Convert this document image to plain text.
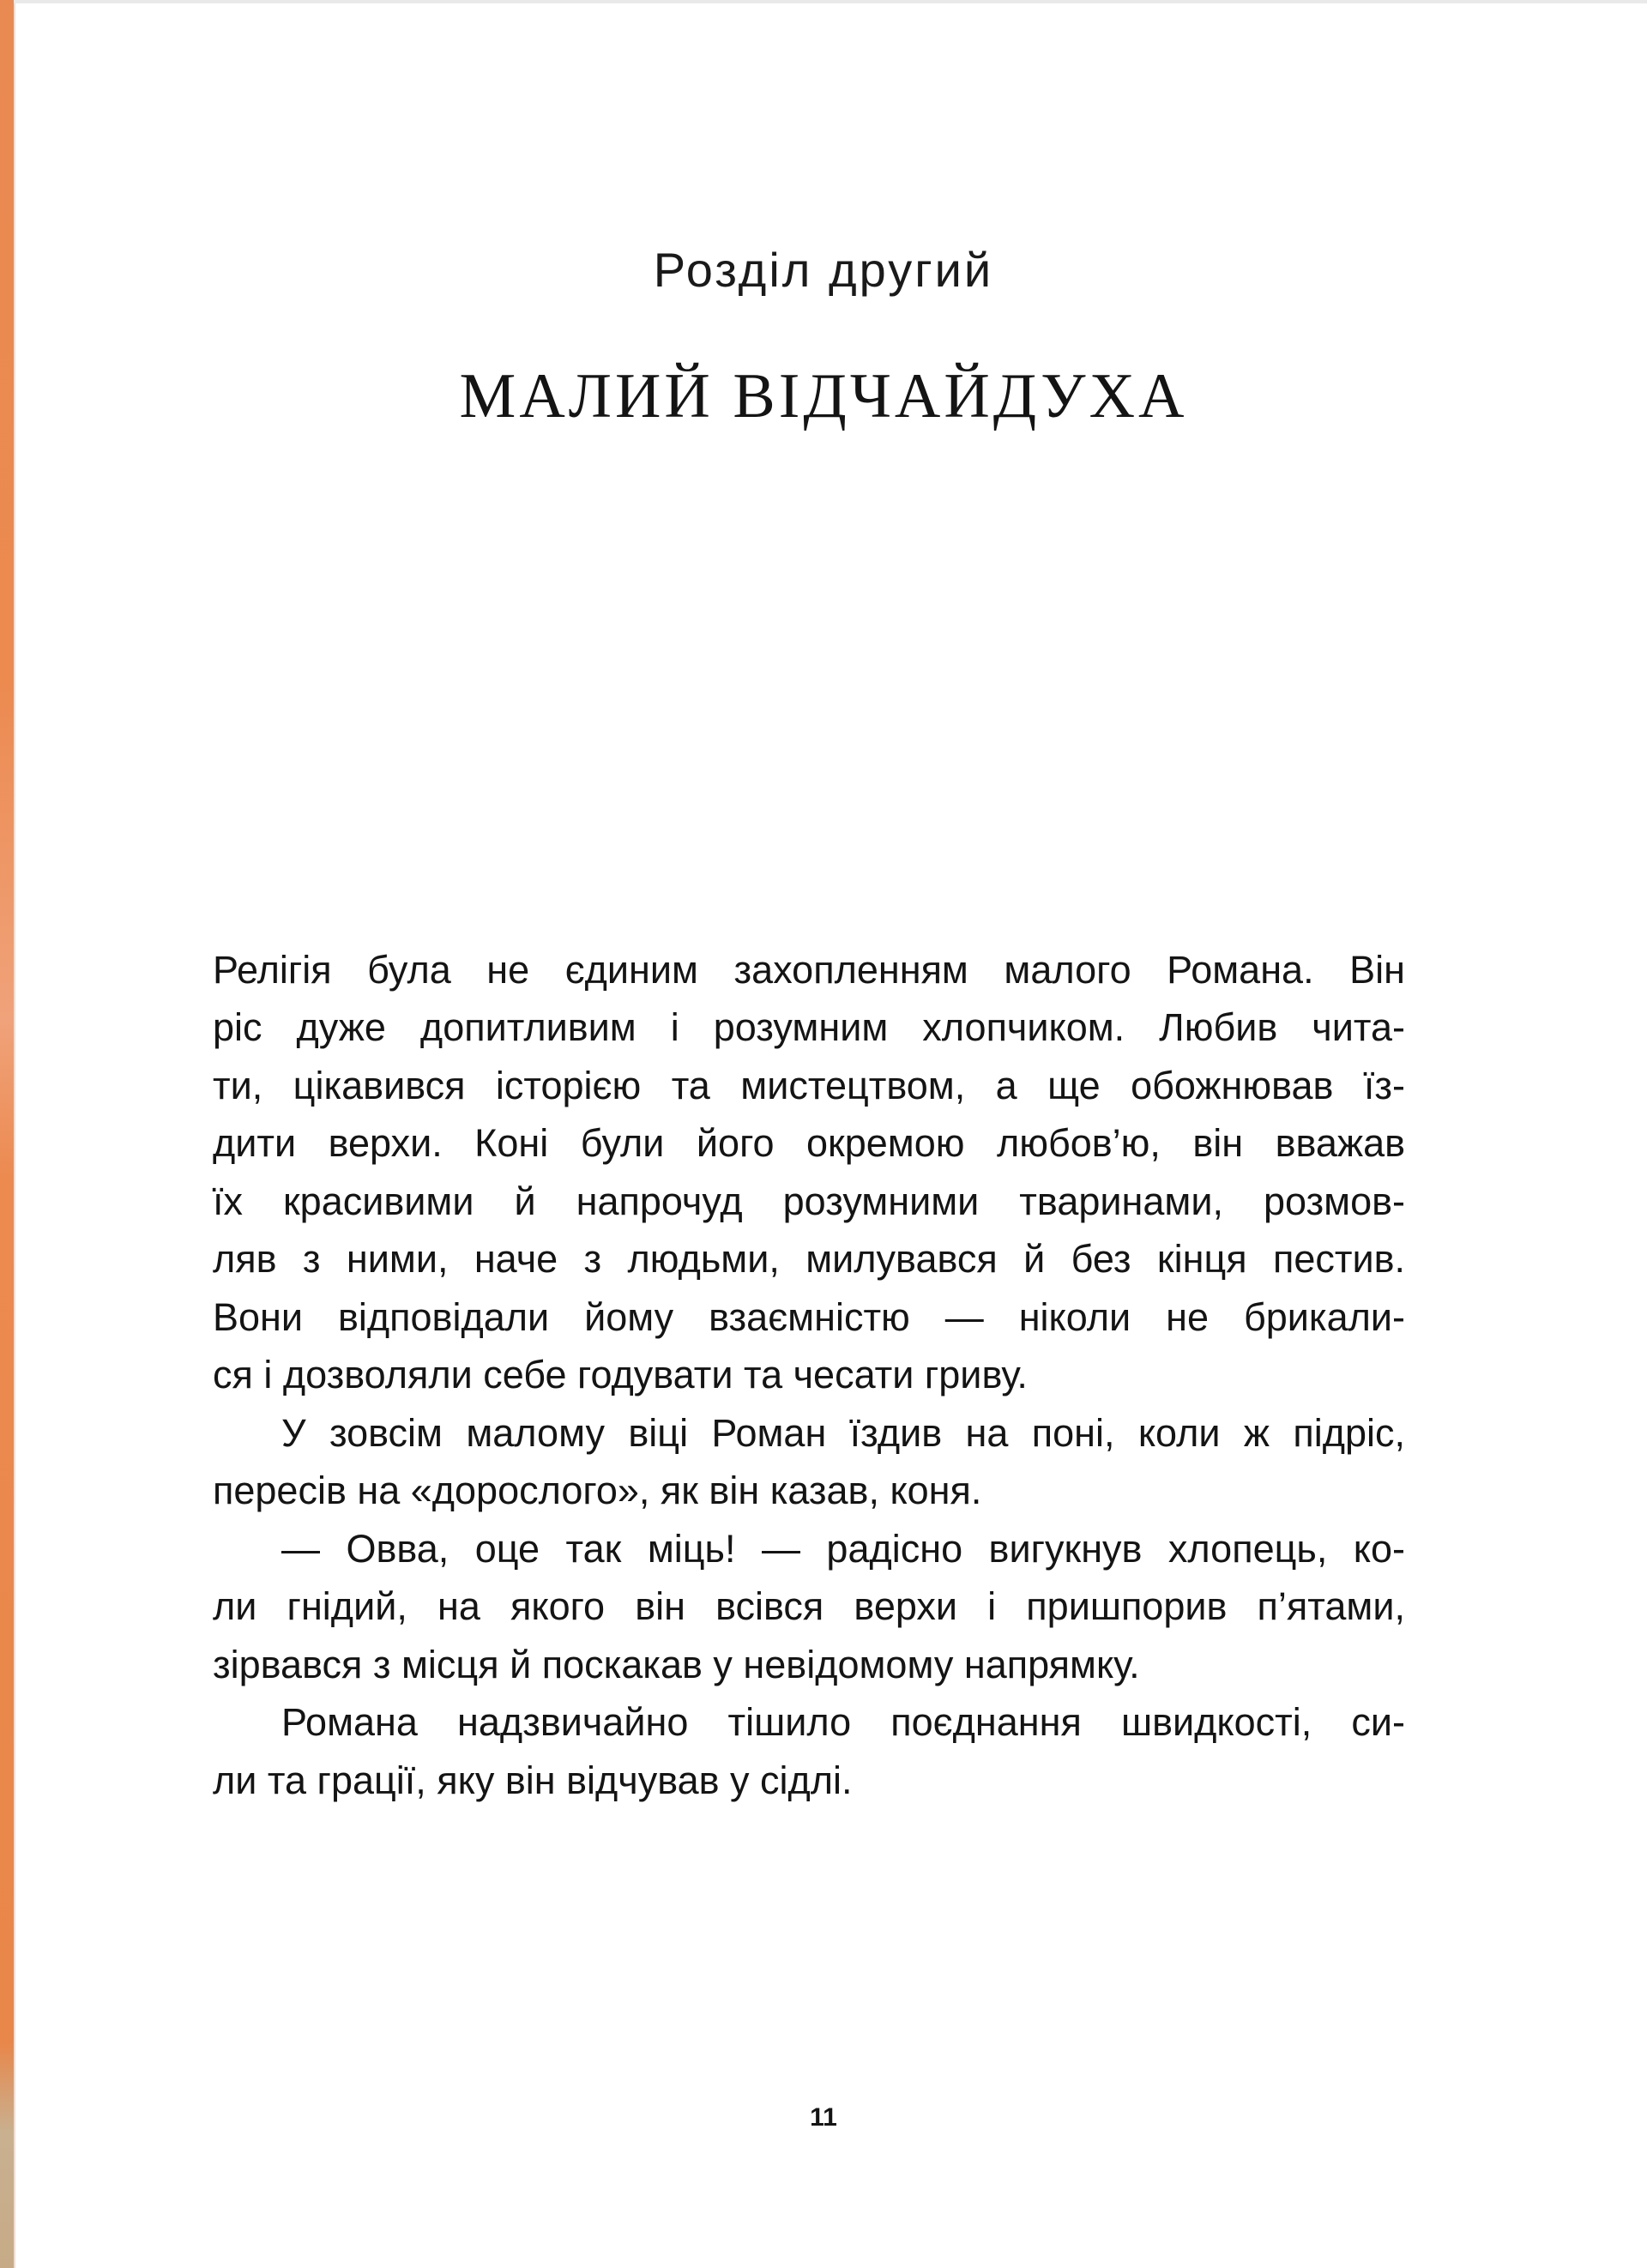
Розділ другий
МАЛИЙ ВІДЧАЙДУХА
Релігія була не єдиним захопленням малого Романа. Він
ріс дуже допитливим і розумним хлопчиком. Любив чита-
ти, цікавився історією та мистецтвом, а ще обожнював їз-
дити верхи. Коні були його окремою любов’ю, він вважав
їх красивими й напрочуд розумними тваринами, розмов-
ляв з ними, наче з людьми, милувався й без кінця пестив.
Вони відповідали йому взаємністю — ніколи не брикали-
ся і дозволяли себе годувати та чесати гриву.
У зовсім малому віці Роман їздив на поні, коли ж підріс,
пересів на «дорослого», як він казав, коня.
— Овва, оце так міць! — радісно вигукнув хлопець, ко-
ли гнідий, на якого він всівся верхи і пришпорив п’ятами,
зірвався з місця й поскакав у невідомому напрямку.
Романа надзвичайно тішило поєднання швидкості, си-
ли та грації, яку він відчував у сідлі.
11
